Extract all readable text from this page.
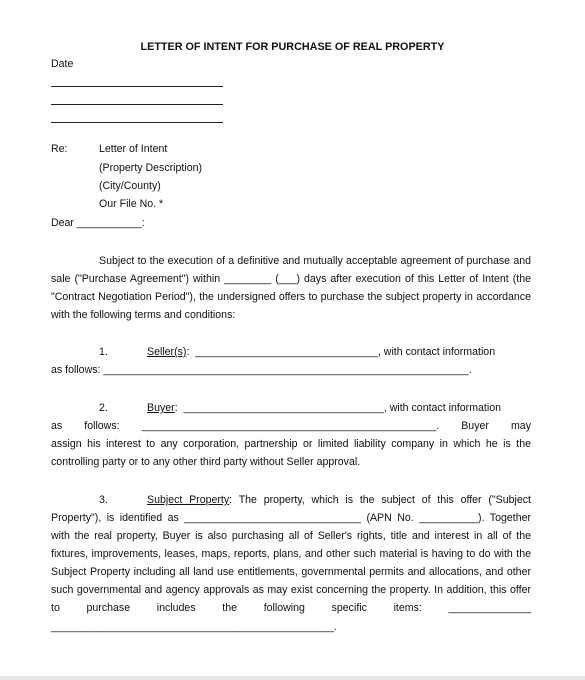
LETTER OF INTENT FOR PURCHASE OF REAL PROPERTY
Date
Re:	Letter of Intent
(Property Description)
(City/County)
Our File No. *
Dear ___________:
Subject to the execution of a definitive and mutually acceptable agreement of purchase and
sale ("Purchase Agreement") within ________ (___) days after execution of this Letter of Intent (the
"Contract Negotiation Period"), the undersigned offers to purchase the subject property in accordance
with the following terms and conditions:
1.	Seller(s):  _______________________________, with contact information
as follows: ______________________________________________________________.
2.	Buyer:  __________________________________, with contact information
as follows: __________________________________________________. Buyer may
assign his interest to any corporation, partnership or limited liability company in which he is the
controlling party or to any other third party without Seller approval.
3.	Subject Property: The property, which is the subject of this offer ("Subject
Property"), is identified as ______________________________ (APN No. __________). Together
with the real property, Buyer is also purchasing all of Seller's rights, title and interest in all of the
fixtures, improvements, leases, maps, reports, plans, and other such material is having to do with the
Subject Property including all land use entitlements, governmental permits and allocations, and other
such governmental and agency approvals as may exist concerning the property. In addition, this offer
to purchase includes the following specific items: ______________
________________________________________________.
